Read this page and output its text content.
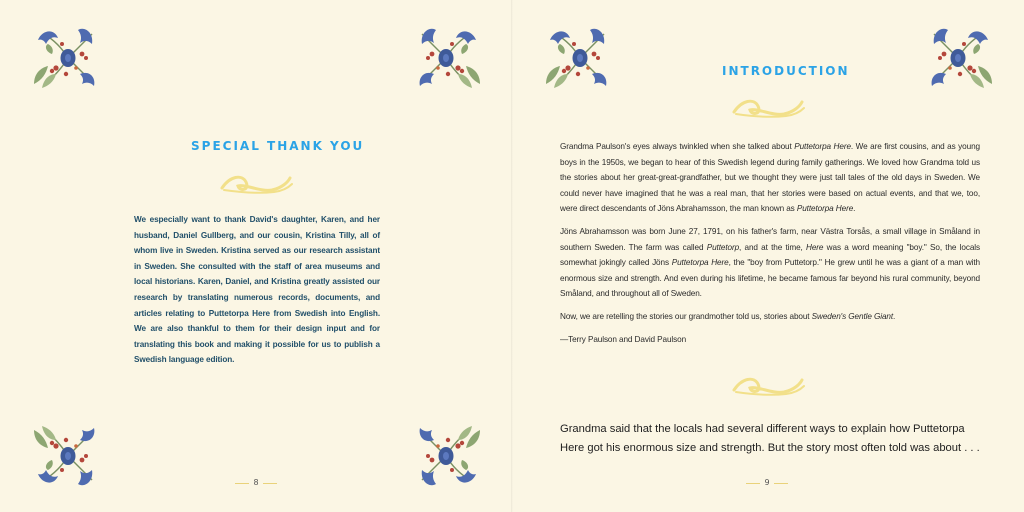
SPECIAL THANK YOU

We especially want to thank David's daughter, Karen, and her husband, Daniel Gullberg, and our cousin, Kristina Tilly, all of whom live in Sweden. Kristina served as our research assistant in Sweden. She consulted with the staff of area museums and local historians. Karen, Daniel, and Kristina greatly assisted our research by translating numerous records, documents, and articles relating to Puttetorpa Here from Swedish into English. We are also thankful to them for their design input and for translating this book and making it possible for us to publish a Swedish language edition.

8
INTRODUCTION
9

Grandma Paulson's eyes always twinkled when she talked about Puttetorpa Here. We are first cousins, and as young boys in the 1950s, we began to hear of this Swedish legend during family gatherings. We loved how Grandma told us the stories about her great-great-grandfather, but we thought they were just tall tales of the old days in Sweden. We could never have imagined that he was a real man, that her stories were based on actual events, and that we, too, were direct descendants of Jöns Abrahamsson, the man known as Puttetorpa Here.

Jöns Abrahamsson was born June 27, 1791, on his father's farm, near Västra Torsås, a small village in Småland in southern Sweden. The farm was called Puttetorp, and at the time, Here was a word meaning "boy." So, the locals somewhat jokingly called Jöns Puttetorpa Here, the "boy from Puttetorp." He grew until he was a giant of a man with enormous size and strength. And even during his lifetime, he became famous far beyond his rural community, beyond Småland, and throughout all of Sweden.

Now, we are retelling the stories our grandmother told us, stories about Sweden's Gentle Giant.

—Terry Paulson and David Paulson

Grandma said that the locals had several different ways to explain how Puttetorpa Here got his enormous size and strength. But the story most often told was about . . .
